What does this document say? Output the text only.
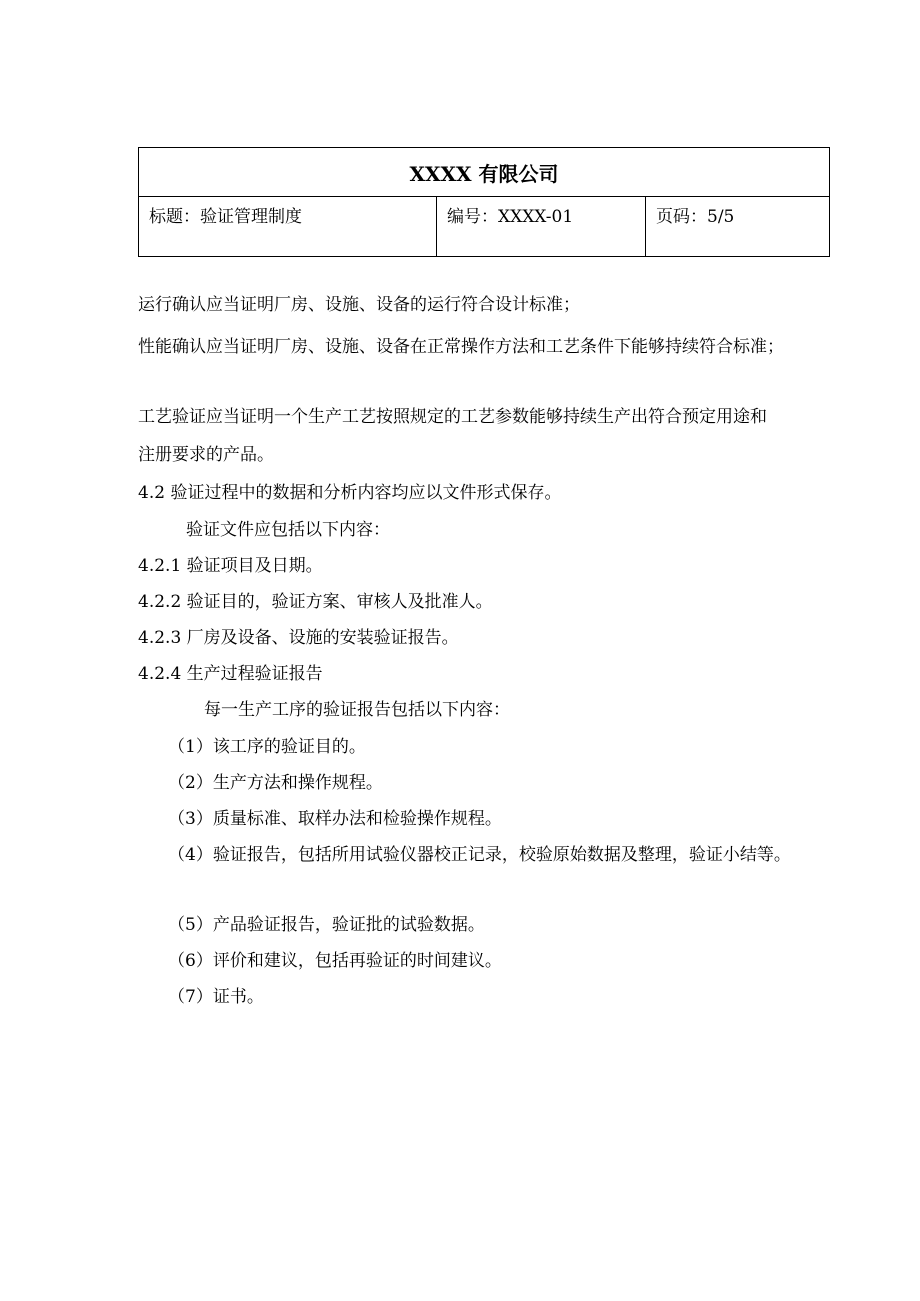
XXXX 有限公司
标题：验证管理制度	编号：XXXX-01	页码：5/5
运行确认应当证明厂房、设施、设备的运行符合设计标准；
性能确认应当证明厂房、设施、设备在正常操作方法和工艺条件下能够持续符合标准；
工艺验证应当证明一个生产工艺按照规定的工艺参数能够持续生产出符合预定用途和
注册要求的产品。
4.2 验证过程中的数据和分析内容均应以文件形式保存。
验证文件应包括以下内容：
4.2.1 验证项目及日期。
4.2.2 验证目的，验证方案、审核人及批准人。
4.2.3 厂房及设备、设施的安装验证报告。
4.2.4 生产过程验证报告
每一生产工序的验证报告包括以下内容：
（1）该工序的验证目的。
（2）生产方法和操作规程。
（3）质量标准、取样办法和检验操作规程。
（4）验证报告，包括所用试验仪器校正记录，校验原始数据及整理，验证小结等。
（5）产品验证报告，验证批的试验数据。
（6）评价和建议，包括再验证的时间建议。
（7）证书。
